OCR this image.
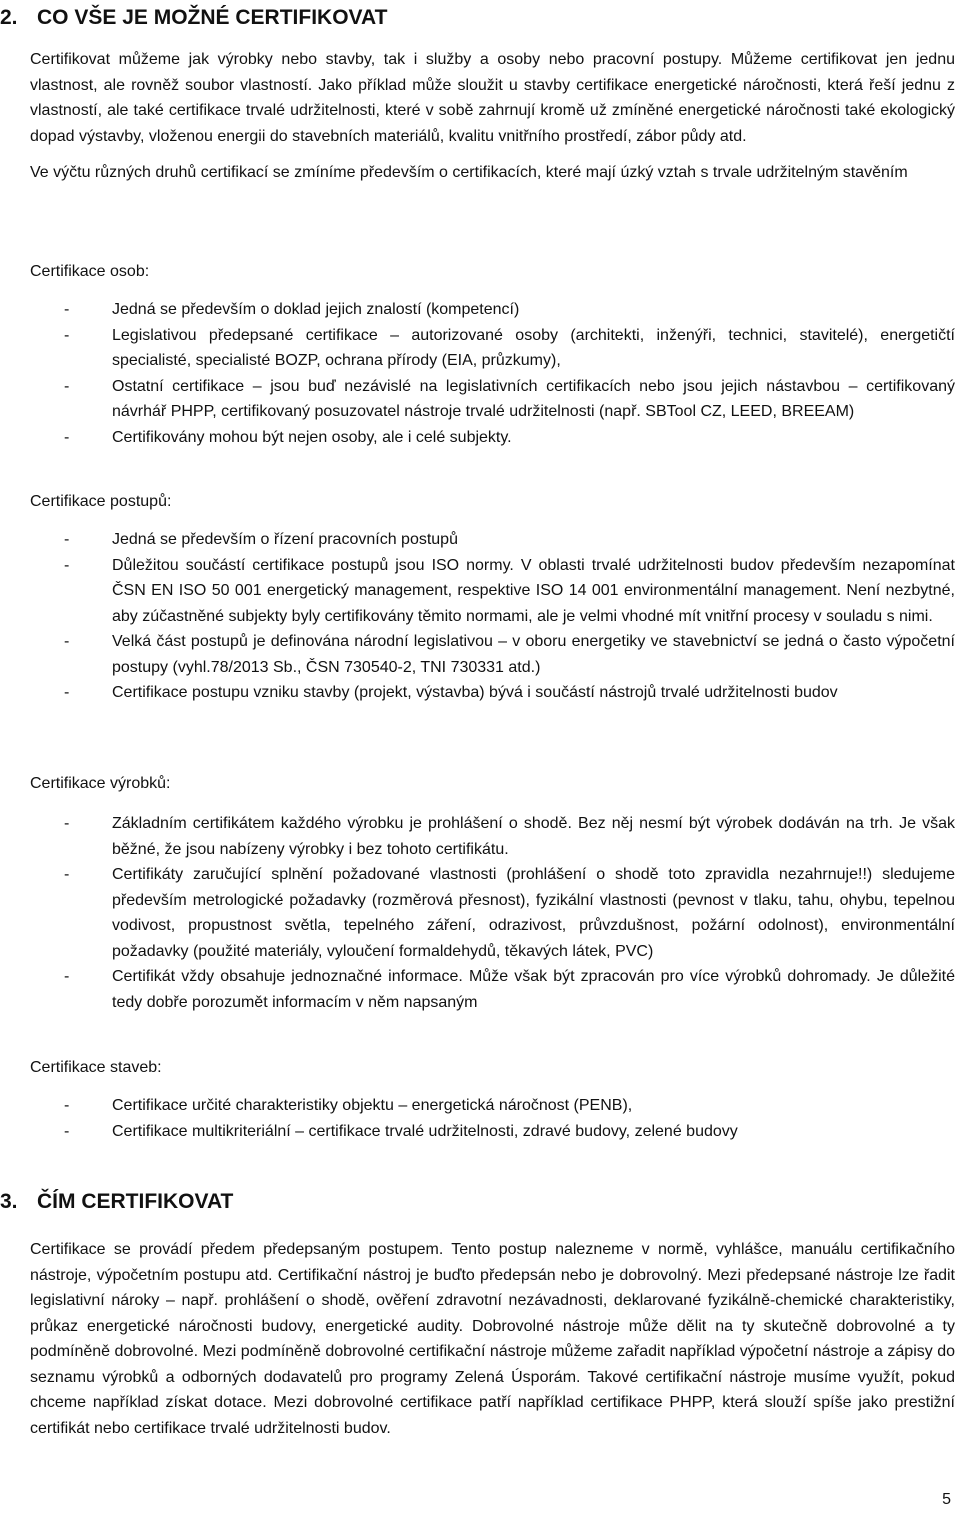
2. CO VŠE JE MOŽNÉ CERTIFIKOVAT

Certifikovat můžeme jak výrobky nebo stavby, tak i služby a osoby nebo pracovní postupy. Můžeme certifikovat jen jednu vlastnost, ale rovněž soubor vlastností. Jako příklad může sloužit u stavby certifikace energetické náročnosti, která řeší jednu z vlastností, ale také certifikace trvalé udržitelnosti, které v sobě zahrnují kromě už zmíněné energetické náročnosti také ekologický dopad výstavby, vloženou energii do stavebních materiálů, kvalitu vnitřního prostředí, zábor půdy atd.

Ve výčtu různých druhů certifikací se zmíníme především o certifikacích, které mají úzký vztah s trvale udržitelným stavěním

Certifikace osob:

- Jedná se především o doklad jejich znalostí (kompetencí)
- Legislativou předepsané certifikace – autorizované osoby (architekti, inženýři, technici, stavitelé), energetičtí specialisté, specialisté BOZP, ochrana přírody (EIA, průzkumy),
- Ostatní certifikace – jsou buď nezávislé na legislativních certifikacích nebo jsou jejich nástavbou – certifikovaný návrhář PHPP, certifikovaný posuzovatel nástroje trvalé udržitelnosti (např. SBTool CZ, LEED, BREEAM)
- Certifikovány mohou být nejen osoby, ale i celé subjekty.

Certifikace postupů:

- Jedná se především o řízení pracovních postupů
- Důležitou součástí certifikace postupů jsou ISO normy. V oblasti trvalé udržitelnosti budov především nezapomínat ČSN EN ISO 50 001 energetický management, respektive ISO 14 001 environmentální management. Není nezbytné, aby zúčastněné subjekty byly certifikovány těmito normami, ale je velmi vhodné mít vnitřní procesy v souladu s nimi.
- Velká část postupů je definována národní legislativou – v oboru energetiky ve stavebnictví se jedná o často výpočetní postupy (vyhl.78/2013 Sb., ČSN 730540-2, TNI 730331 atd.)
- Certifikace postupu vzniku stavby (projekt, výstavba) bývá i součástí nástrojů trvalé udržitelnosti budov

Certifikace výrobků:

- Základním certifikátem každého výrobku je prohlášení o shodě. Bez něj nesmí být výrobek dodáván na trh. Je však běžné, že jsou nabízeny výrobky i bez tohoto certifikátu.
- Certifikáty zaručující splnění požadované vlastnosti (prohlášení o shodě toto zpravidla nezahrnuje!!) sledujeme především metrologické požadavky (rozměrová přesnost), fyzikální vlastnosti (pevnost v tlaku, tahu, ohybu, tepelnou vodivost, propustnost světla, tepelného záření, odrazivost, průvzdušnost, požární odolnost), environmentální požadavky (použité materiály, vyloučení formaldehydů, těkavých látek, PVC)
- Certifikát vždy obsahuje jednoznačné informace. Může však být zpracován pro více výrobků dohromady. Je důležité tedy dobře porozumět informacím v něm napsaným

Certifikace staveb:

- Certifikace určité charakteristiky objektu – energetická náročnost (PENB),
- Certifikace multikriteriální – certifikace trvalé udržitelnosti, zdravé budovy, zelené budovy
3. ČÍM CERTIFIKOVAT

Certifikace se provádí předem předepsaným postupem. Tento postup nalezneme v normě, vyhlášce, manuálu certifikačního nástroje, výpočetním postupu atd. Certifikační nástroj je buďto předepsán nebo je dobrovolný. Mezi předepsané nástroje lze řadit legislativní nároky – např. prohlášení o shodě, ověření zdravotní nezávadnosti, deklarované fyzikálně-chemické charakteristiky, průkaz energetické náročnosti budovy, energetické audity. Dobrovolné nástroje může dělit na ty skutečně dobrovolné a ty podmíněně dobrovolné. Mezi podmíněně dobrovolné certifikační nástroje můžeme zařadit například výpočetní nástroje a zápisy do seznamu výrobků a odborných dodavatelů pro programy Zelená Úsporám. Takové certifikační nástroje musíme využít, pokud chceme například získat dotace. Mezi dobrovolné certifikace patří například certifikace PHPP, která slouží spíše jako prestižní certifikát nebo certifikace trvalé udržitelnosti budov.

5
